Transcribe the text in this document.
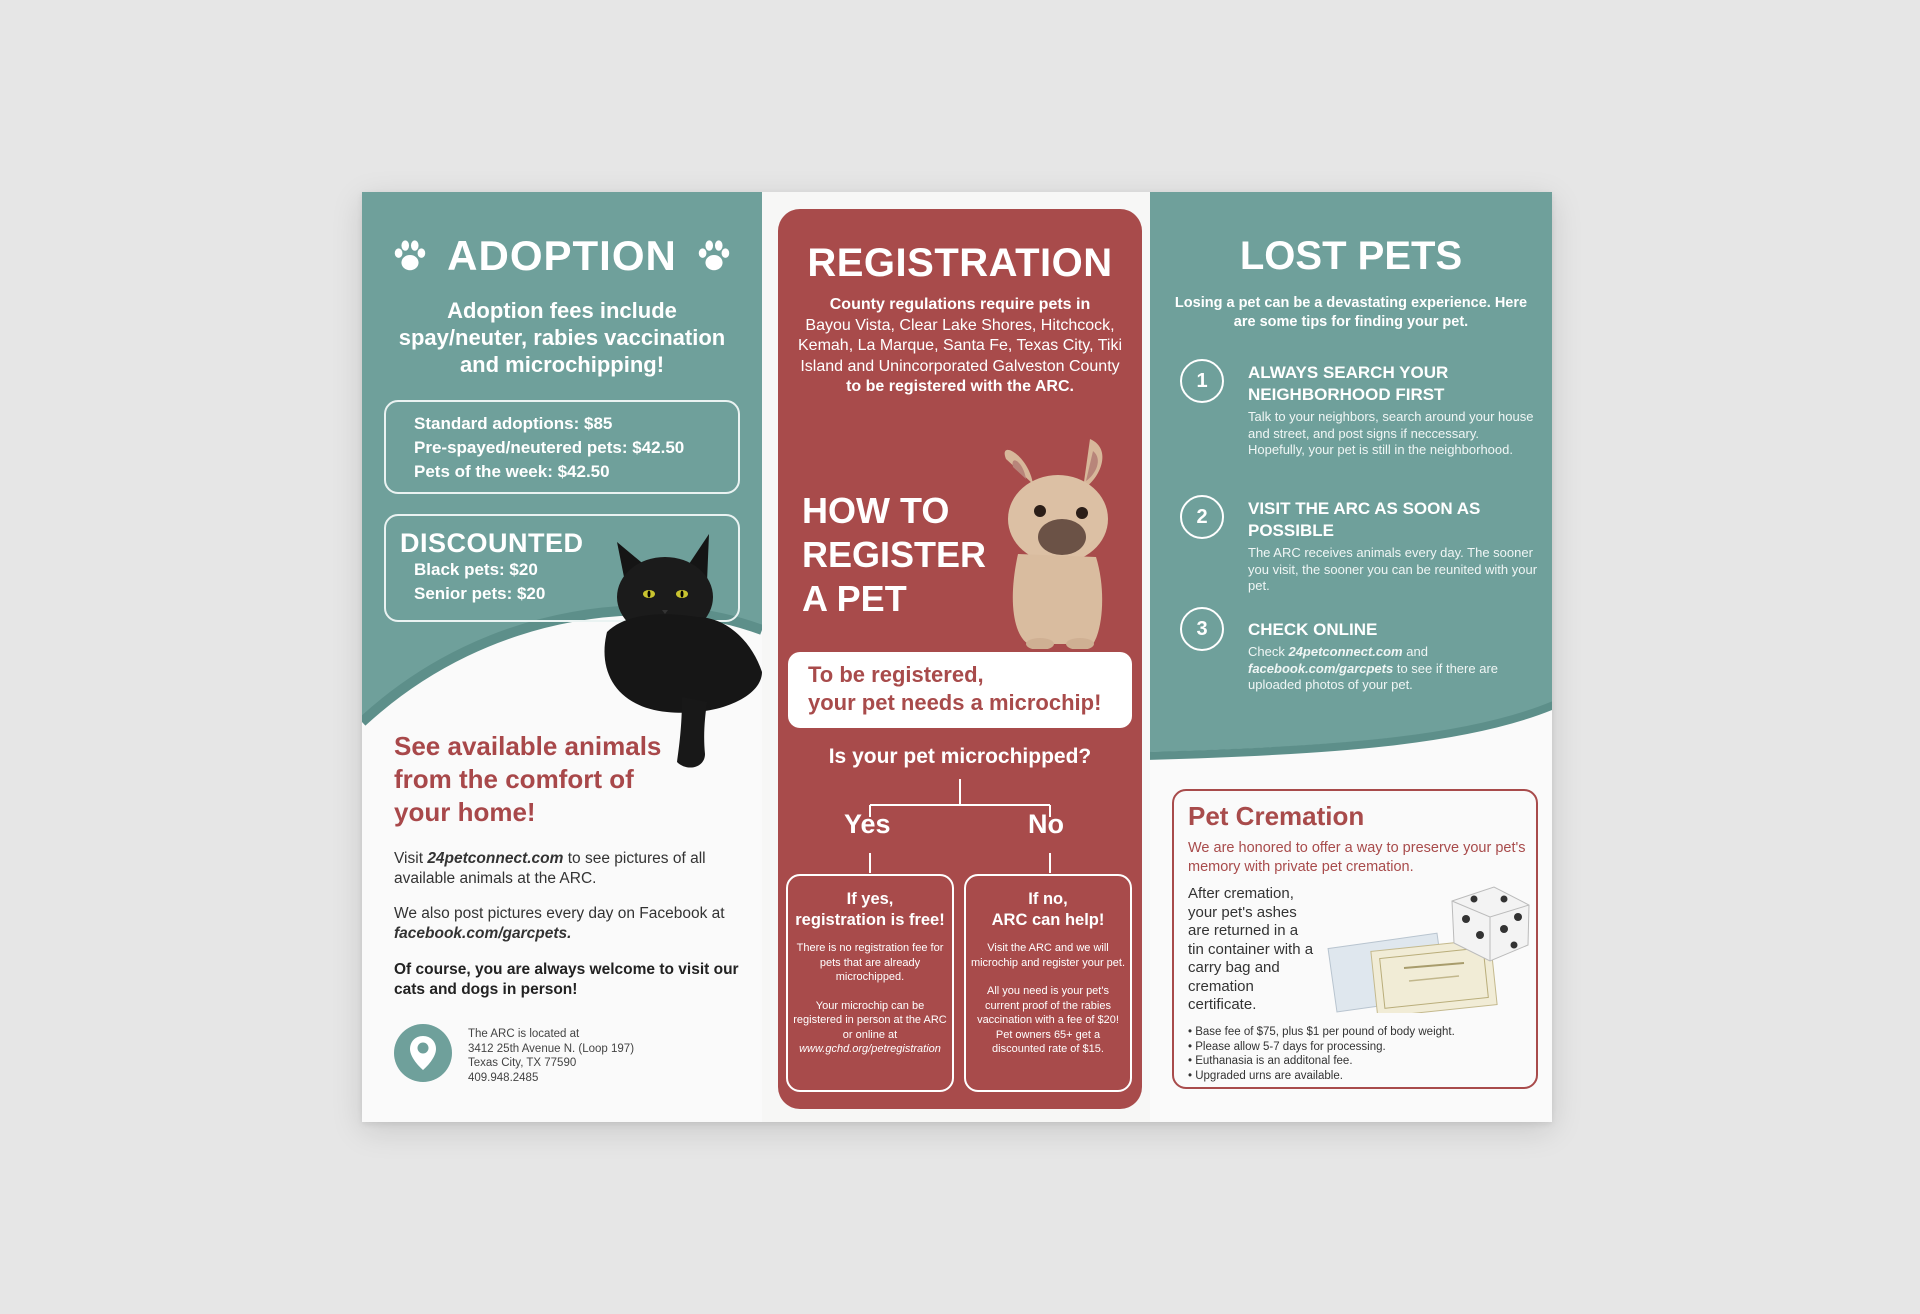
ADOPTION
Adoption fees include spay/neuter, rabies vaccination and microchipping!
Standard adoptions: $85
Pre-spayed/neutered pets: $42.50
Pets of the week: $42.50
DISCOUNTED
Black pets: $20
Senior pets: $20
See available animals from the comfort of your home!
Visit 24petconnect.com to see pictures of all available animals at the ARC.
We also post pictures every day on Facebook at facebook.com/garcpets.
Of course, you are always welcome to visit our cats and dogs in person!
The ARC is located at
3412 25th Avenue N. (Loop 197)
Texas City, TX 77590
409.948.2485
REGISTRATION
County regulations require pets in
Bayou Vista, Clear Lake Shores, Hitchcock, Kemah, La Marque, Santa Fe, Texas City, Tiki Island and Unincorporated Galveston County
to be registered with the ARC.
HOW TO
REGISTER
A PET
To be registered,
your pet needs a microchip!
Is your pet microchipped?
Yes	No
If yes,
registration is free!
There is no registration fee for pets that are already microchipped.
Your microchip can be registered in person at the ARC or online at
www.gchd.org/petregistration
If no,
ARC can help!
Visit the ARC and we will microchip and register your pet.
All you need is your pet's current proof of the rabies vaccination with a fee of $20! Pet owners 65+ get a discounted rate of $15.
LOST PETS
Losing a pet can be a devastating experience. Here are some tips for finding your pet.
1	ALWAYS SEARCH YOUR NEIGHBORHOOD FIRST
Talk to your neighbors, search around your house and street, and post signs if neccessary. Hopefully, your pet is still in the neighborhood.
2	VISIT THE ARC AS SOON AS POSSIBLE
The ARC receives animals every day. The sooner you visit, the sooner you can be reunited with your pet.
3	CHECK ONLINE
Check 24petconnect.com and facebook.com/garcpets to see if there are uploaded photos of your pet.
Pet Cremation
We are honored to offer a way to preserve your pet's memory with private pet cremation.
After cremation, your pet's ashes are returned in a tin container with a carry bag and cremation certificate.
• Base fee of $75, plus $1 per pound of body weight.
• Please allow 5-7 days for processing.
• Euthanasia is an additonal fee.
• Upgraded urns are available.
